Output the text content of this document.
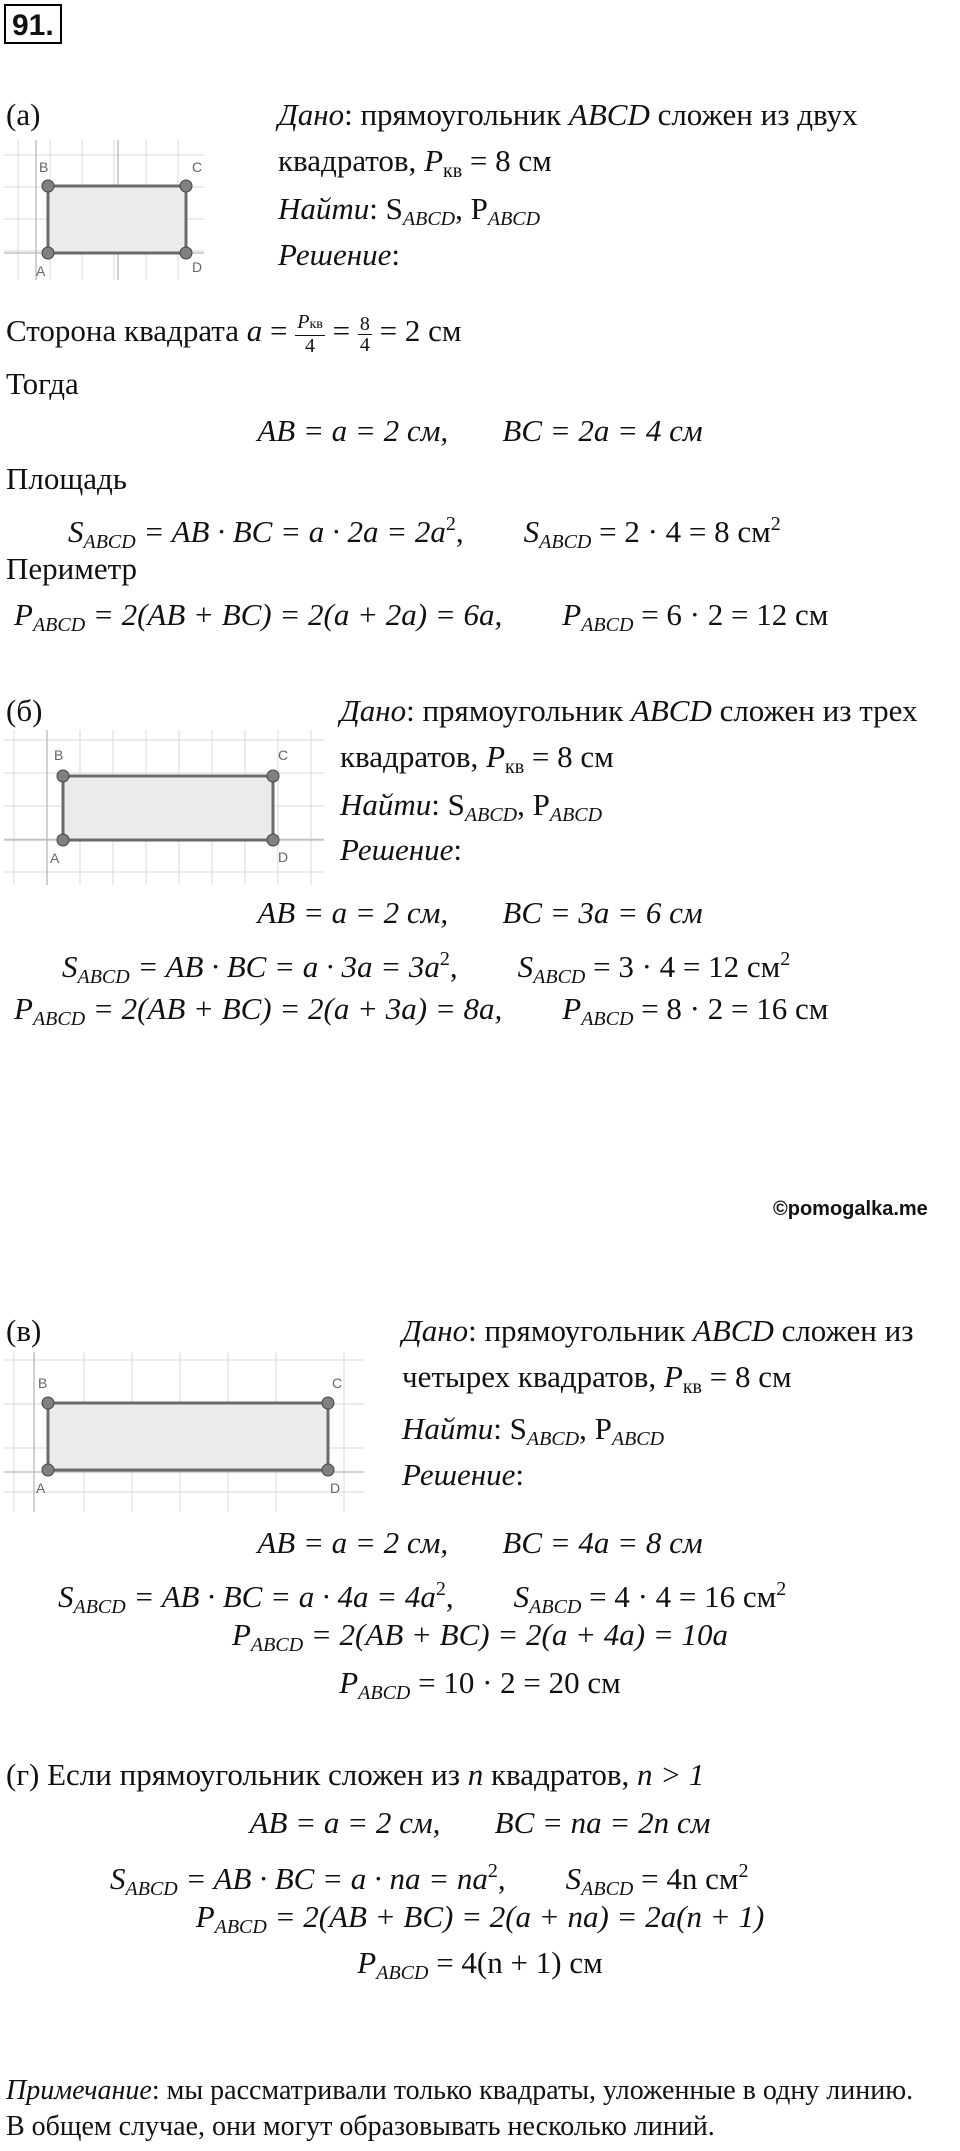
91.
(а)
B	C
A	D
Дано: прямоугольник ABCD сложен из двух
квадратов, Pкв = 8 см
Найти: $S_{ABCD}$, $P_{ABCD}$
Решение:
Сторона квадрата $a = \frac{\text{Pкв}}{4} = \frac{8}{4} = 2$ см
Тогда
AB = a = 2 см,       BC = 2a = 4 см
Площадь
$S_{ABCD}$ = AB · BC = $a \cdot 2a = 2a^2$, $S_{ABCD} = 2 \cdot 4 = 8$ $см^2$
Периметр
$P_{ABCD} = 2(AB + BC) = 2(a + 2a) = 6a$, $P_{ABCD} = 6 \cdot 2 = 12$ см
(б)
B	C
A	D
Дано: прямоугольник ABCD сложен из трех
квадратов, Pкв = 8 см
Найти: $S_{ABCD}$, $P_{ABCD}$
Решение:
AB = a = 2 см,       BC = 3a = 6 см
$S_{ABCD}$ = AB · BC = $a \cdot 3a = 3a^2$, $S_{ABCD} = 3 \cdot 4 = 12$ $см^2$
$P_{ABCD} = 2(AB + BC) = 2(a + 3a) = 8a$, $P_{ABCD} = 8 \cdot 2 = 16$ см
©pomogalka.me
(в)
B	C
A	D
Дано: прямоугольник ABCD сложен из
четырех квадратов, Pкв = 8 см
Найти: $S_{ABCD}$, $P_{ABCD}$
Решение:
AB = a = 2 см,       BC = 4a = 8 см
$S_{ABCD}$ = AB · BC = $a \cdot 4a = 4a^2$, $S_{ABCD} = 4 \cdot 4 = 16$ $см^2$
$P_{ABCD} = 2(AB + BC) = 2(a + 4a) = 10a$
$P_{ABCD} = 10 \cdot 2 = 20$ см
(г) Если прямоугольник сложен из n квадратов, n > 1
AB = a = 2 см,       BC = na = 2n см
$S_{ABCD}$ = AB · BC = a · na = $na^2$, $S_{ABCD} = 4n$ $см^2$
$P_{ABCD} = 2(AB + BC) = 2(a + na) = 2a(n + 1)$
$P_{ABCD} = 4(n + 1)$ см
Примечание: мы рассматривали только квадраты, уложенные в одну линию.
В общем случае, они могут образовывать несколько линий.
